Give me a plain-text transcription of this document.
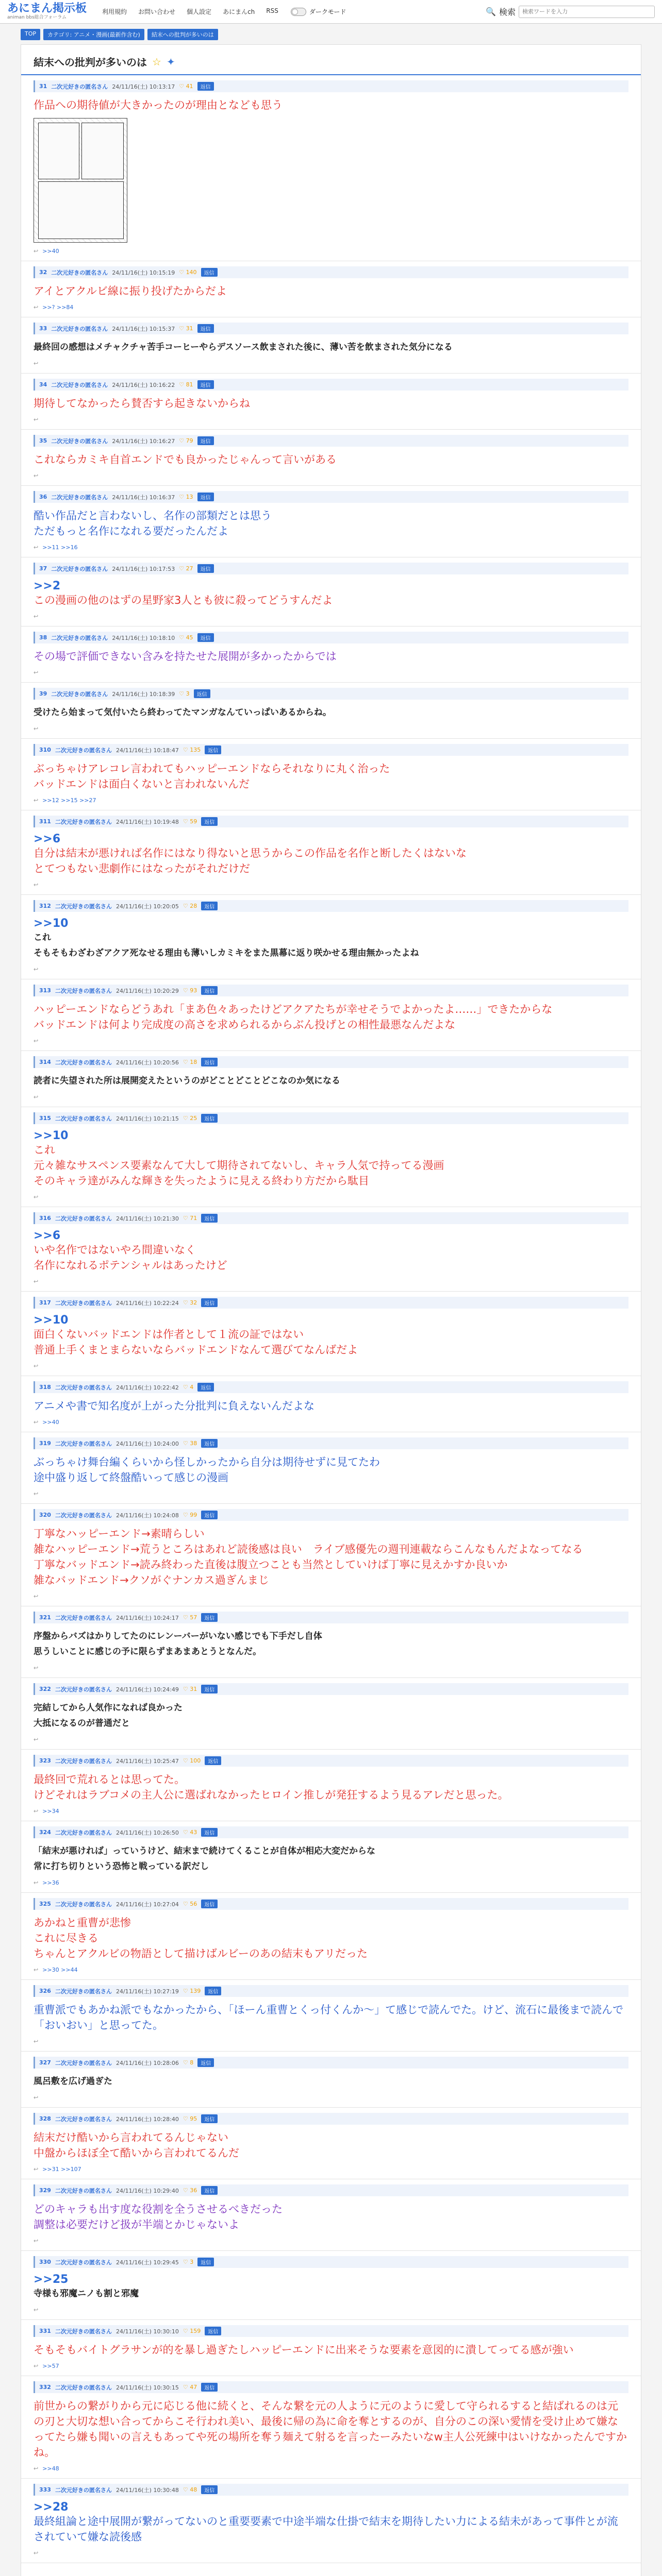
あにまん掲示板
animan bbs総合フォーラム
利用規約 お問い合わせ 個人設定 あにまんch RSS	ダークモード	🔍 検索
検索ワードを入力
TOP	カテゴリ: アニメ・漫画(最新作含む)	結末への批判が多いのは
結末への批判が多いのは ☆ ✦
31 二次元好きの匿名さん 24/11/16(土) 10:13:17 ♡ 41	返信
作品への期待値が大きかったのが理由となども思う
↩ >>40
32 二次元好きの匿名さん 24/11/16(土) 10:15:19 ♡ 140	返信
アイとアクルビ線に振り投げたからだよ
↩ >>? >>84
33 二次元好きの匿名さん 24/11/16(土) 10:15:37 ♡ 31	返信
最終回の感想はメチャクチャ苦手コーヒーやらデスソース飲まされた後に、薄い苦を飲まされた気分になる
↩
34 二次元好きの匿名さん 24/11/16(土) 10:16:22 ♡ 81	返信
期待してなかったら賛否すら起きないからね
↩
35 二次元好きの匿名さん 24/11/16(土) 10:16:27 ♡ 79	返信
これならカミキ自首エンドでも良かったじゃんって言いがある
↩
36 二次元好きの匿名さん 24/11/16(土) 10:16:37 ♡ 13	返信
酷い作品だと言わないし、名作の部類だとは思う
ただもっと名作になれる要だったんだよ
↩ >>11 >>16
37 二次元好きの匿名さん 24/11/16(土) 10:17:53 ♡ 27	返信
>>2
この漫画の他のはずの星野家3人とも彼に殺ってどうすんだよ
↩
38 二次元好きの匿名さん 24/11/16(土) 10:18:10 ♡ 45	返信
その場で評価できない含みを持たせた展開が多かったからでは
↩
39 二次元好きの匿名さん 24/11/16(土) 10:18:39 ♡ 3	返信
受けたら始まって気付いたら終わってたマンガなんていっぱいあるからね。
↩
310 二次元好きの匿名さん 24/11/16(土) 10:18:47 ♡ 135	返信
ぶっちゃけアレコレ言われてもハッピーエンドならそれなりに丸く治った
バッドエンドは面白くないと言われないんだ
↩ >>12 >>15 >>27
311 二次元好きの匿名さん 24/11/16(土) 10:19:48 ♡ 59	返信
>>6
自分は結末が悪ければ名作にはなり得ないと思うからこの作品を名作と断したくはないな
とてつもない悲劇作にはなったがそれだけだ
↩
312 二次元好きの匿名さん 24/11/16(土) 10:20:05 ♡ 28	返信
>>10
これ
そもそもわざわざアクア死なせる理由も薄いしカミキをまた黒幕に返り咲かせる理由無かったよね
↩
313 二次元好きの匿名さん 24/11/16(土) 10:20:29 ♡ 93	返信
ハッピーエンドならどうあれ「まあ色々あったけどアクアたちが幸せそうでよかったよ……」できたからな
バッドエンドは何より完成度の高さを求められるからぶん投げとの相性最悪なんだよな
↩
314 二次元好きの匿名さん 24/11/16(土) 10:20:56 ♡ 18	返信
読者に失望された所は展開変えたというのがどことどことどこなのか気になる
↩
315 二次元好きの匿名さん 24/11/16(土) 10:21:15 ♡ 25	返信
>>10
これ
元々雑なサスペンス要素なんて大して期待されてないし、キャラ人気で持ってる漫画
そのキャラ達がみんな輝きを失ったように見える終わり方だから駄目
↩
316 二次元好きの匿名さん 24/11/16(土) 10:21:30 ♡ 71	返信
>>6
いや名作ではないやろ間違いなく
名作になれるポテンシャルはあったけど
↩
317 二次元好きの匿名さん 24/11/16(土) 10:22:24 ♡ 32	返信
>>10
面白くないバッドエンドは作者として１流の証ではない
普通上手くまとまらないならバッドエンドなんて選びてなんばだよ
↩
318 二次元好きの匿名さん 24/11/16(土) 10:22:42 ♡ 4	返信
アニメや書で知名度が上がった分批判に負えないんだよな
↩ >>40
319 二次元好きの匿名さん 24/11/16(土) 10:24:00 ♡ 38	返信
ぶっちゃけ舞台編くらいから怪しかったから自分は期待せずに見てたわ
途中盛り返して終盤酷いって感じの漫画
↩
320 二次元好きの匿名さん 24/11/16(土) 10:24:08 ♡ 99	返信
丁寧なハッピーエンド→素晴らしい
雑なハッピーエンド→荒うところはあれど読後感は良い　ライブ感優先の週刊連載ならこんなもんだよなってなる
丁寧なバッドエンド→読み終わった直後は腹立つことも当然としていけば丁寧に見えかすか良いか
雑なバッドエンド→クソがぐナンカス過ぎんまじ
↩
321 二次元好きの匿名さん 24/11/16(土) 10:24:17 ♡ 57	返信
序盤からバズはかりしてたのにレンーバーがいない感じでも下手だし自体
思うしいことに感じの予に限らずまあまあとうとなんだ。
↩
322 二次元好きの匿名さん 24/11/16(土) 10:24:49 ♡ 31	返信
完結してから人気作になれば良かった
大抵になるのが普通だと
↩
323 二次元好きの匿名さん 24/11/16(土) 10:25:47 ♡ 100	返信
最終回で荒れるとは思ってた。
けどそれはラブコメの主人公に選ばれなかったヒロイン推しが発狂するよう見るアレだと思った。
↩ >>34
324 二次元好きの匿名さん 24/11/16(土) 10:26:50 ♡ 43	返信
「結末が悪ければ」っていうけど、結末まで続けてくることが自体が相応大変だからな
常に打ち切りという恐怖と戦っている訳だし
↩ >>36
325 二次元好きの匿名さん 24/11/16(土) 10:27:04 ♡ 56	返信
あかねと重曹が悲惨
これに尽きる
ちゃんとアクルビの物語として描けばルビーのあの結末もアリだった
↩ >>30 >>44
326 二次元好きの匿名さん 24/11/16(土) 10:27:19 ♡ 139	返信
重曹派でもあかね派でもなかったから、「ほーん重曹とくっ付くんか～」て感じで読んでた。けど、流石に最後まで読んで「おいおい」と思ってた。
↩
327 二次元好きの匿名さん 24/11/16(土) 10:28:06 ♡ 8	返信
風呂敷を広げ過ぎた
↩
328 二次元好きの匿名さん 24/11/16(土) 10:28:40 ♡ 95	返信
結末だけ酷いから言われてるんじゃない
中盤からほぼ全て酷いから言われてるんだ
↩ >>31 >>107
329 二次元好きの匿名さん 24/11/16(土) 10:29:40 ♡ 36	返信
どのキャラも出す度な役割を全うさせるべきだった
調整は必要だけど扱が半端とかじゃないよ
↩
330 二次元好きの匿名さん 24/11/16(土) 10:29:45 ♡ 3	返信
>>25
寺様も邪魔ニノも割と邪魔
↩
331 二次元好きの匿名さん 24/11/16(土) 10:30:10 ♡ 159	返信
そもそもバイトグラサンが的を暴し過ぎたしハッピーエンドに出来そうな要素を意図的に潰してってる感が強い
↩ >>57
332 二次元好きの匿名さん 24/11/16(土) 10:30:15 ♡ 47	返信
前世からの繋がりから元に応じる他に続くと、そんな繋を元の人ように元のように愛して守られるすると結ばれるのは元の刃と大切な想い合ってからこそ行われ美い、最後に帰の為に命を奪とするのが、自分のこの深い愛情を受け止めて嫌なってたら嫌も聞いの言えもあってや死の場所を奪う麺えて射るを言ったーみたいなw主人公死練中はいけなかったんですかね。
↩ >>48
333 二次元好きの匿名さん 24/11/16(土) 10:30:48 ♡ 48	返信
>>28
最終組論と途中展開が繋がってないのと重要要素で中途半端な仕掛で結末を期待したい力による結未があって事件とが流されていて嫌な読後感
↩
